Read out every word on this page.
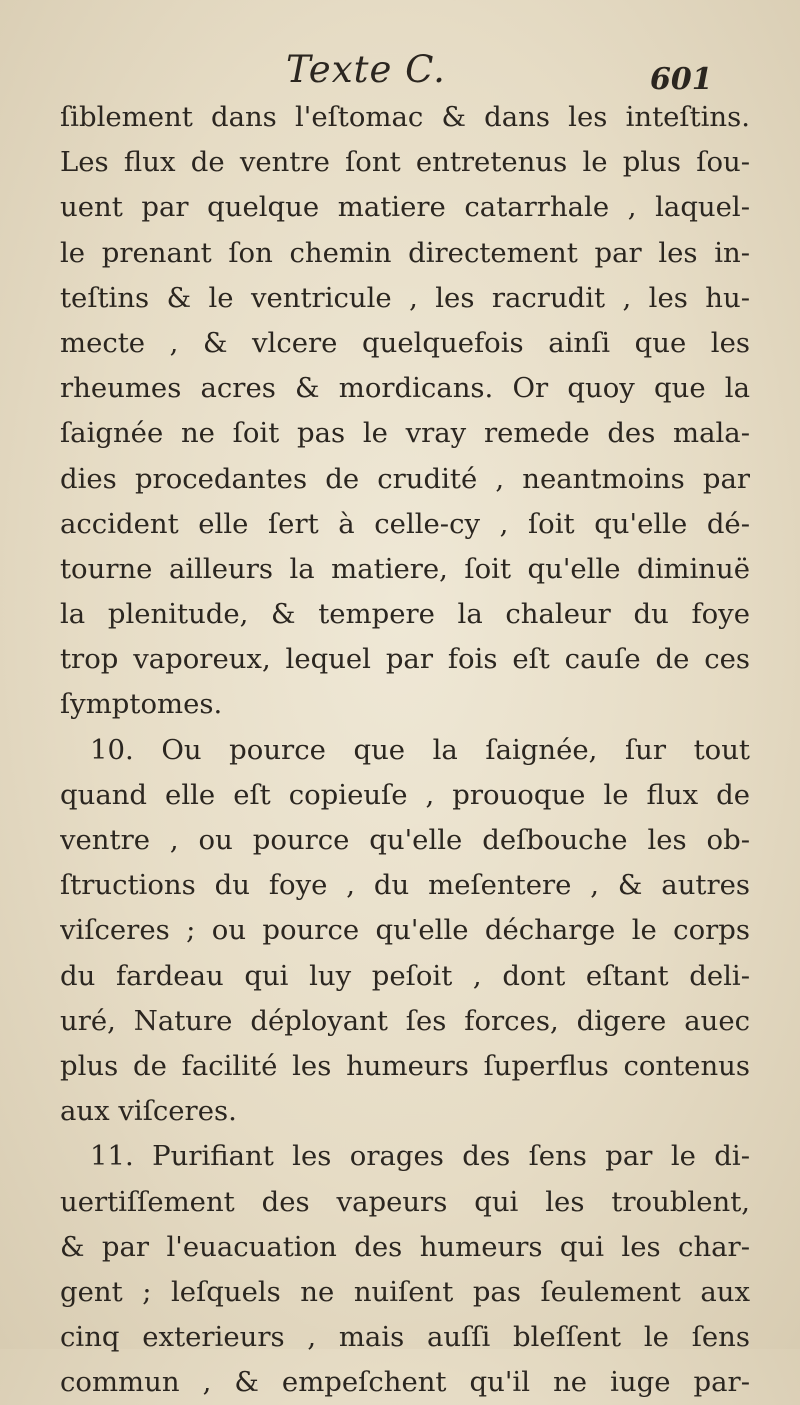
Texte C.	601
ſiblement dans l'eſtomac & dans les inteſtins.
Les flux de ventre ſont entretenus le plus ſou-
uent par quelque matiere catarrhale , laquel-
le prenant ſon chemin directement par les in-
teſtins & le ventricule , les racrudit , les hu-
mecte , & vlcere quelquefois ainſi que les
rheumes acres & mordicans. Or quoy que la
ſaignée ne ſoit pas le vray remede des mala-
dies procedantes de crudité , neantmoins par
accident elle ſert à celle-cy , ſoit qu'elle dé-
tourne ailleurs la matiere, ſoit qu'elle diminuë
la plenitude, & tempere la chaleur du foye
trop vaporeux, lequel par fois eſt cauſe de ces
ſymptomes.
10. Ou pource que la ſaignée, ſur tout
quand elle eſt copieuſe , prouoque le flux de
ventre , ou pource qu'elle deſbouche les ob-
ſtructions du foye , du meſentere , & autres
viſceres ; ou pource qu'elle décharge le corps
du fardeau qui luy peſoit , dont eſtant deli-
uré, Nature déployant ſes forces, digere auec
plus de facilité les humeurs ſuperflus contenus
aux viſceres.
11. Purifiant les orages des ſens par le di-
uertiſſement des vapeurs qui les troublent,
& par l'euacuation des humeurs qui les char-
gent ; leſquels ne nuiſent pas ſeulement aux
cinq exterieurs , mais auſſi bleſſent le ſens
commun , & empeſchent qu'il ne iuge par-
